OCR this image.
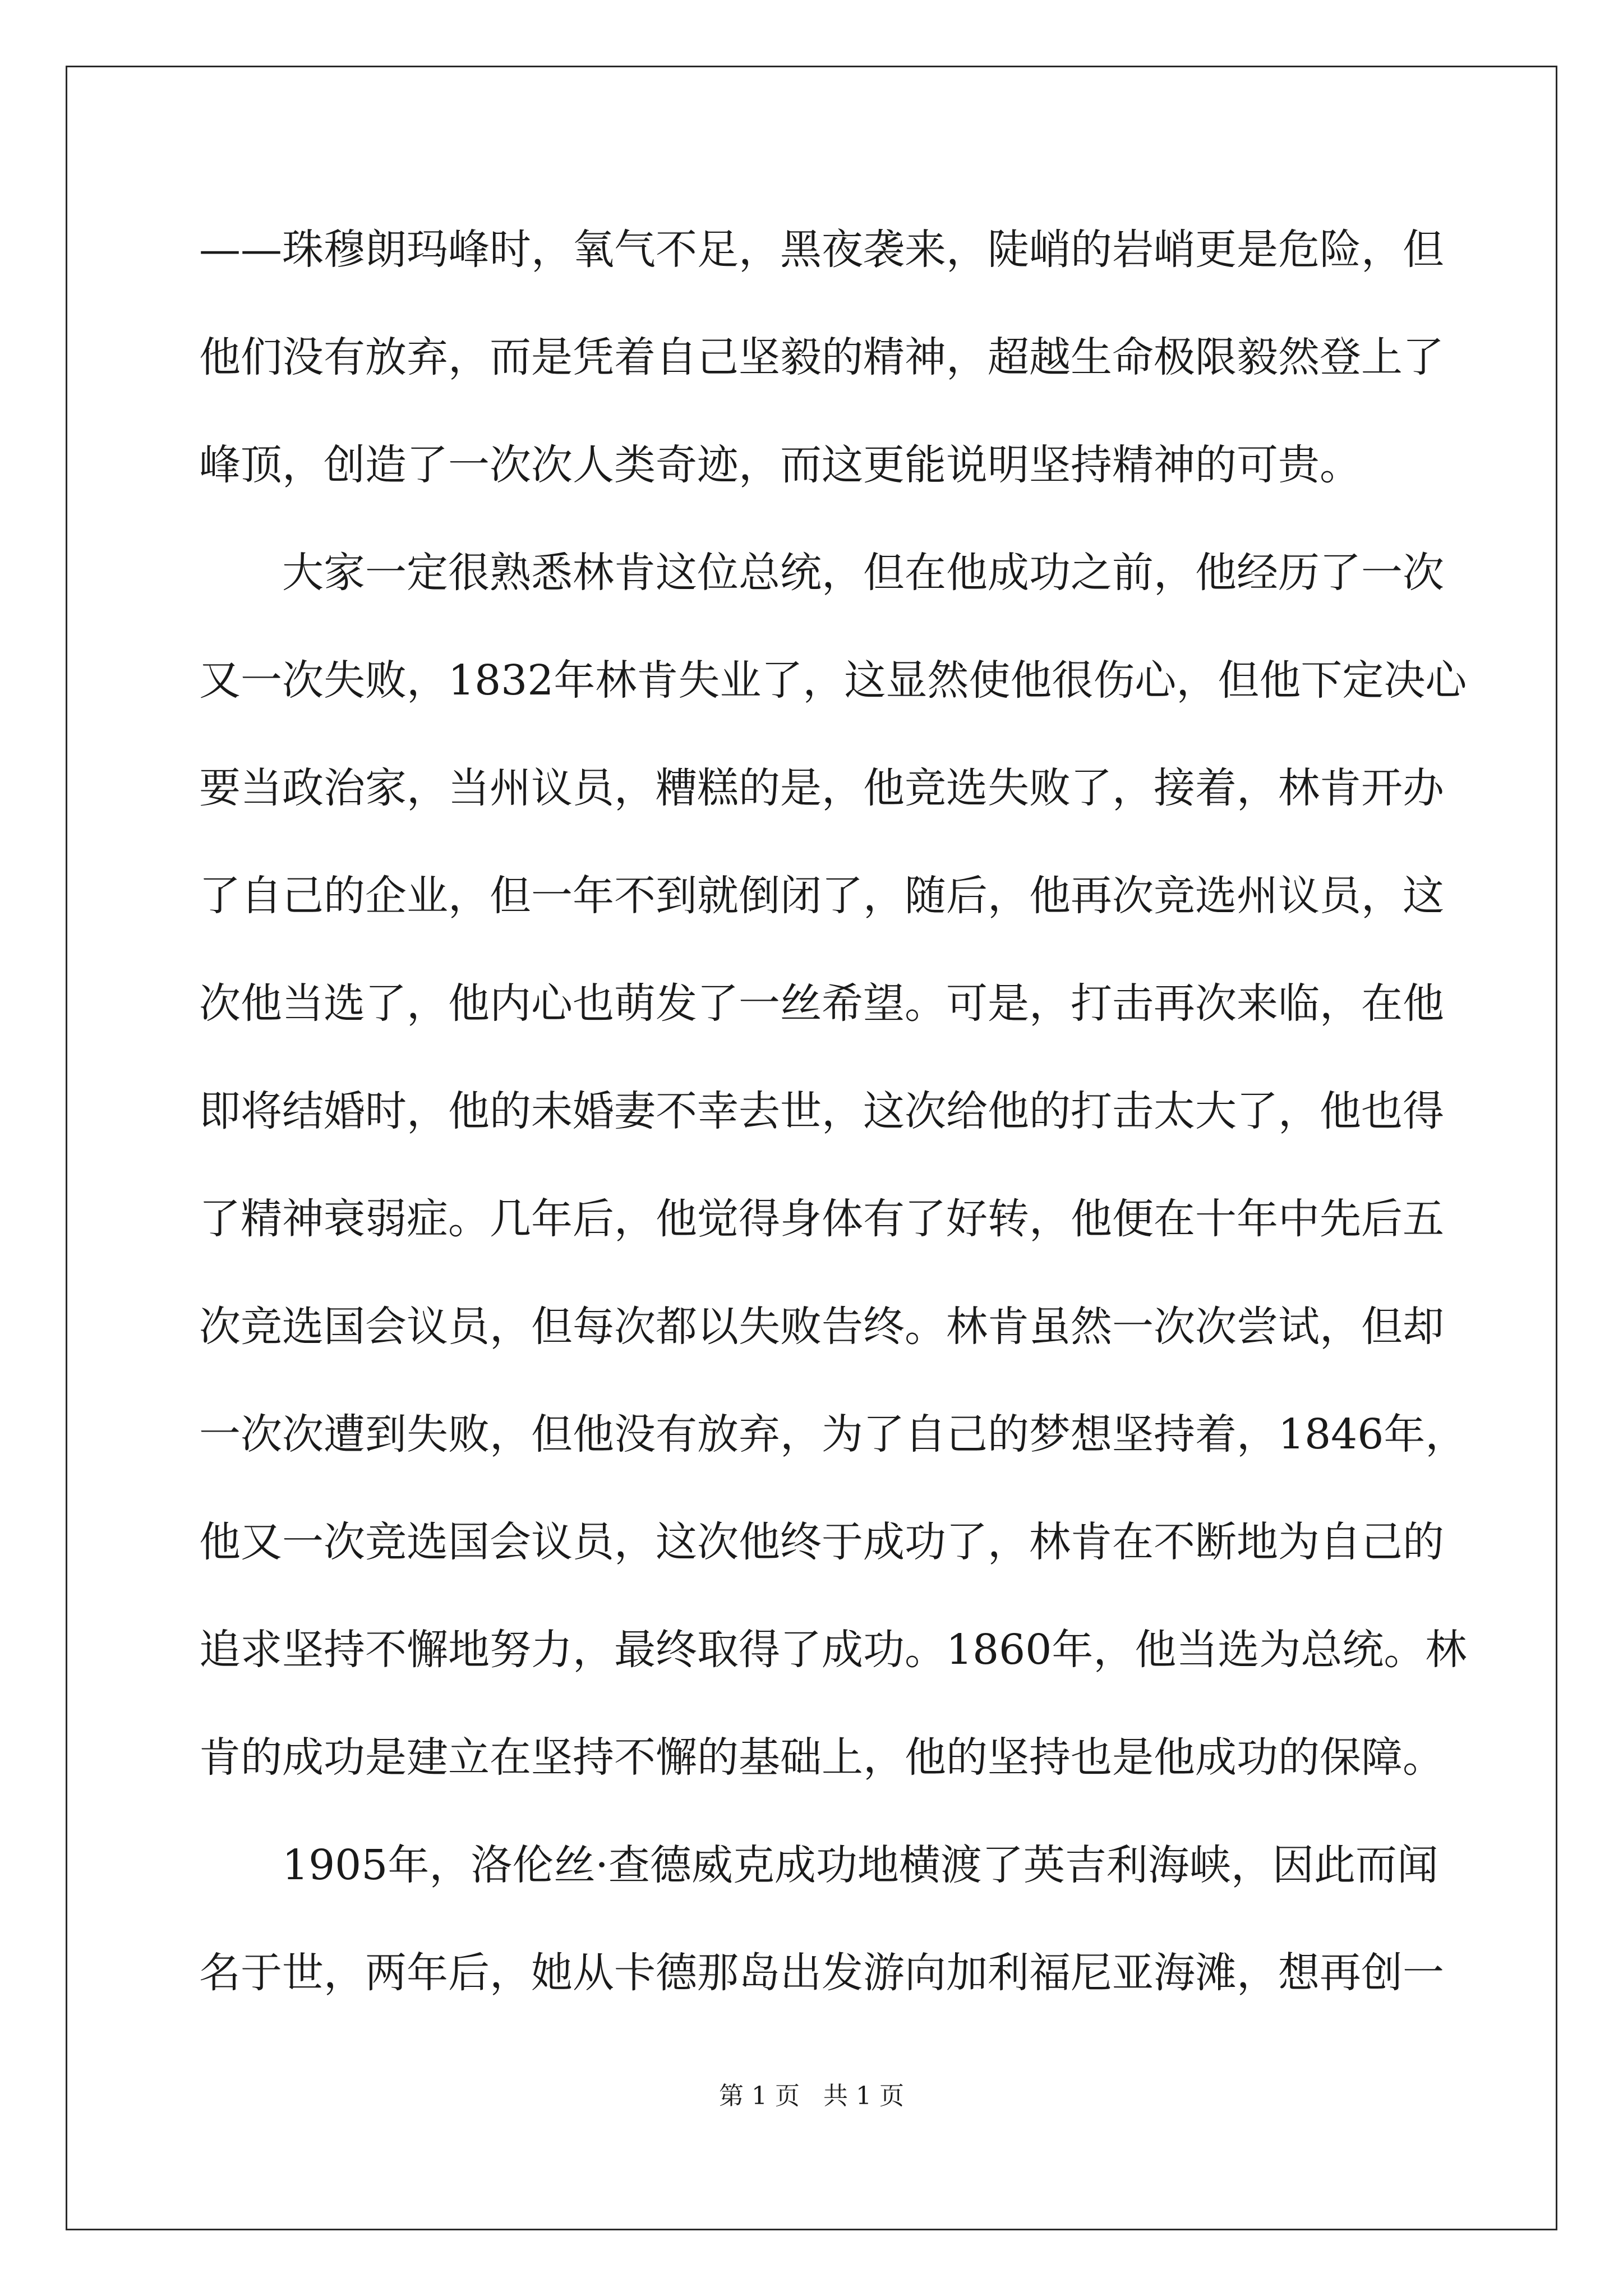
— — 珠 穆 朗 玛 峰 时 ， 氧 气 不 足 ， 黑 夜 袭 来 ， 陡 峭 的 岩 峭 更 是 危 险 ， 但
他 们 没 有 放 弃 ， 而 是 凭 着 自 己 坚 毅 的 精 神 ， 超 越 生 命 极 限 毅 然 登 上 了
峰顶，创造了一次次人类奇迹，而这更能说明坚持精神的可贵。
大 家 一 定 很 熟 悉 林 肯 这 位 总 统 ， 但 在 他 成 功 之 前 ， 他 经 历 了 一 次
又 一 次 失 败 ， 1832 年 林 肯 失 业 了 ， 这 显 然 使 他 很 伤 心 ， 但 他 下 定 决 心
要 当 政 治 家 ， 当 州 议 员 ， 糟 糕 的 是 ， 他 竞 选 失 败 了 ， 接 着 ， 林 肯 开 办
了 自 己 的 企 业 ， 但 一 年 不 到 就 倒 闭 了 ， 随 后 ， 他 再 次 竞 选 州 议 员 ， 这
次 他 当 选 了 ， 他 内 心 也 萌 发 了 一 丝 希 望 。 可 是 ， 打 击 再 次 来 临 ， 在 他
即 将 结 婚 时 ， 他 的 未 婚 妻 不 幸 去 世 ， 这 次 给 他 的 打 击 太 大 了 ， 他 也 得
了 精 神 衰 弱 症 。 几 年 后 ， 他 觉 得 身 体 有 了 好 转 ， 他 便 在 十 年 中 先 后 五
次 竞 选 国 会 议 员 ， 但 每 次 都 以 失 败 告 终 。 林 肯 虽 然 一 次 次 尝 试 ， 但 却
一 次 次 遭 到 失 败 ， 但 他 没 有 放 弃 ， 为 了 自 己 的 梦 想 坚 持 着 ， 1846 年 ，
他 又 一 次 竞 选 国 会 议 员 ， 这 次 他 终 于 成 功 了 ， 林 肯 在 不 断 地 为 自 己 的
追 求 坚 持 不 懈 地 努 力 ， 最 终 取 得 了 成 功 。 1860 年 ， 他 当 选 为 总 统 。 林
肯的成功是建立在坚持不懈的基础上，他的坚持也是他成功的保障。
1905 年 ， 洛 伦 丝 · 查 德 威 克 成 功 地 横 渡 了 英 吉 利 海 峡 ， 因 此 而 闻
名 于 世 ， 两 年 后 ， 她 从 卡 德 那 岛 出 发 游 向 加 利 福 尼 亚 海 滩 ， 想 再 创 一
第 1 页 共 1 页
